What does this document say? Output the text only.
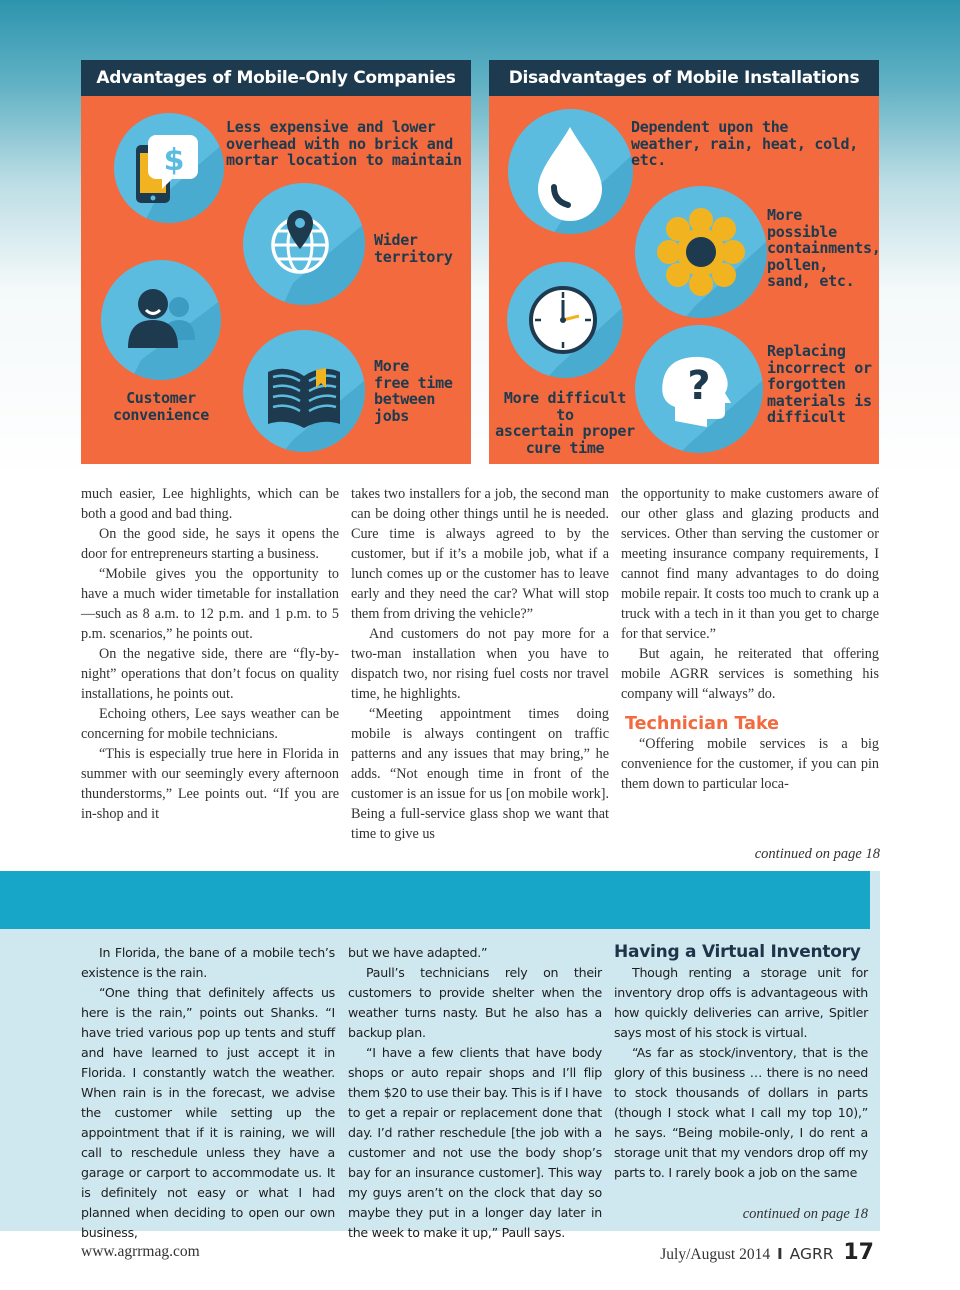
Advantages of Mobile-Only Companies
$
Less expensive and lower
overhead with no brick and
mortar location to maintain
Wider
territory
Customer
convenience
More
free time
between
jobs
Disadvantages of Mobile Installations
Dependent upon the
weather, rain, heat, cold, etc.
More
possible
containments,
pollen,
sand, etc.
More difficult to
ascertain proper
cure time
?
Replacing
incorrect or
forgotten
materials is
difficult

much easier, Lee highlights, which can be both a good and bad thing.

On the good side, he says it opens the door for entrepreneurs starting a business.

“Mobile gives you the opportunity to have a much wider timetable for installation—such as 8 a.m. to 12 p.m. and 1 p.m. to 5 p.m. scenarios,” he points out.

On the negative side, there are “fly-by-night” operations that don’t focus on quality installations, he points out.

Echoing others, Lee says weather can be concerning for mobile technicians.

“This is especially true here in Florida in summer with our seemingly every afternoon thunderstorms,” Lee points out. “If you are in-shop and it

takes two installers for a job, the second man can be doing other things until he is needed. Cure time is always agreed to by the customer, but if it’s a mobile job, what if a lunch comes up or the customer has to leave early and they need the car? What will stop them from driving the vehicle?”

And customers do not pay more for a two-man installation when you have to dispatch two, nor rising fuel costs nor travel time, he highlights.

“Meeting appointment times doing mobile is always contingent on traffic patterns and any issues that may bring,” he adds. “Not enough time in front of the customer is an issue for us [on mobile work]. Being a full-service glass shop we want that time to give us

the opportunity to make customers aware of our other glass and glazing products and services. Other than serving the customer or meeting insurance company requirements, I cannot find many advantages to do doing mobile repair. It costs too much to crank up a truck with a tech in it than you get to charge for that service.”

But again, he reiterated that offering mobile AGRR services is something his company will “always” do.

Technician Take

“Offering mobile services is a big convenience for the customer, if you can pin them down to particular loca-

continued on page 18

In Florida, the bane of a mobile tech’s existence is the rain.

“One thing that definitely affects us here is the rain,” points out Shanks. “I have tried various pop up tents and stuff and have learned to just accept it in Florida. I constantly watch the weather. When rain is in the forecast, we advise the customer while setting up the appointment that if it is raining, we will call to reschedule unless they have a garage or carport to accommodate us. It is definitely not easy or what I had planned when deciding to open our own business,

but we have adapted.”

Paull’s technicians rely on their customers to provide shelter when the weather turns nasty. But he also has a backup plan.

“I have a few clients that have body shops or auto repair shops and I’ll flip them $20 to use their bay. This is if I have to get a repair or replacement done that day. I’d rather reschedule [the job with a customer and not use the body shop’s bay for an insurance customer]. This way my guys aren’t on the clock that day so maybe they put in a longer day later in the week to make it up,” Paull says.

Having a Virtual Inventory

Though renting a storage unit for inventory drop offs is advantageous with how quickly deliveries can arrive, Spitler says most of his stock is virtual.

“As far as stock/inventory, that is the glory of this business … there is no need to stock thousands of dollars in parts (though I stock what I call my top 10),” he says. “Being mobile-only, I do rent a storage unit that my vendors drop off my parts to. I rarely book a job on the same

continued on page 18
www.agrrmag.com	July/August 2014 I AGRR 17
